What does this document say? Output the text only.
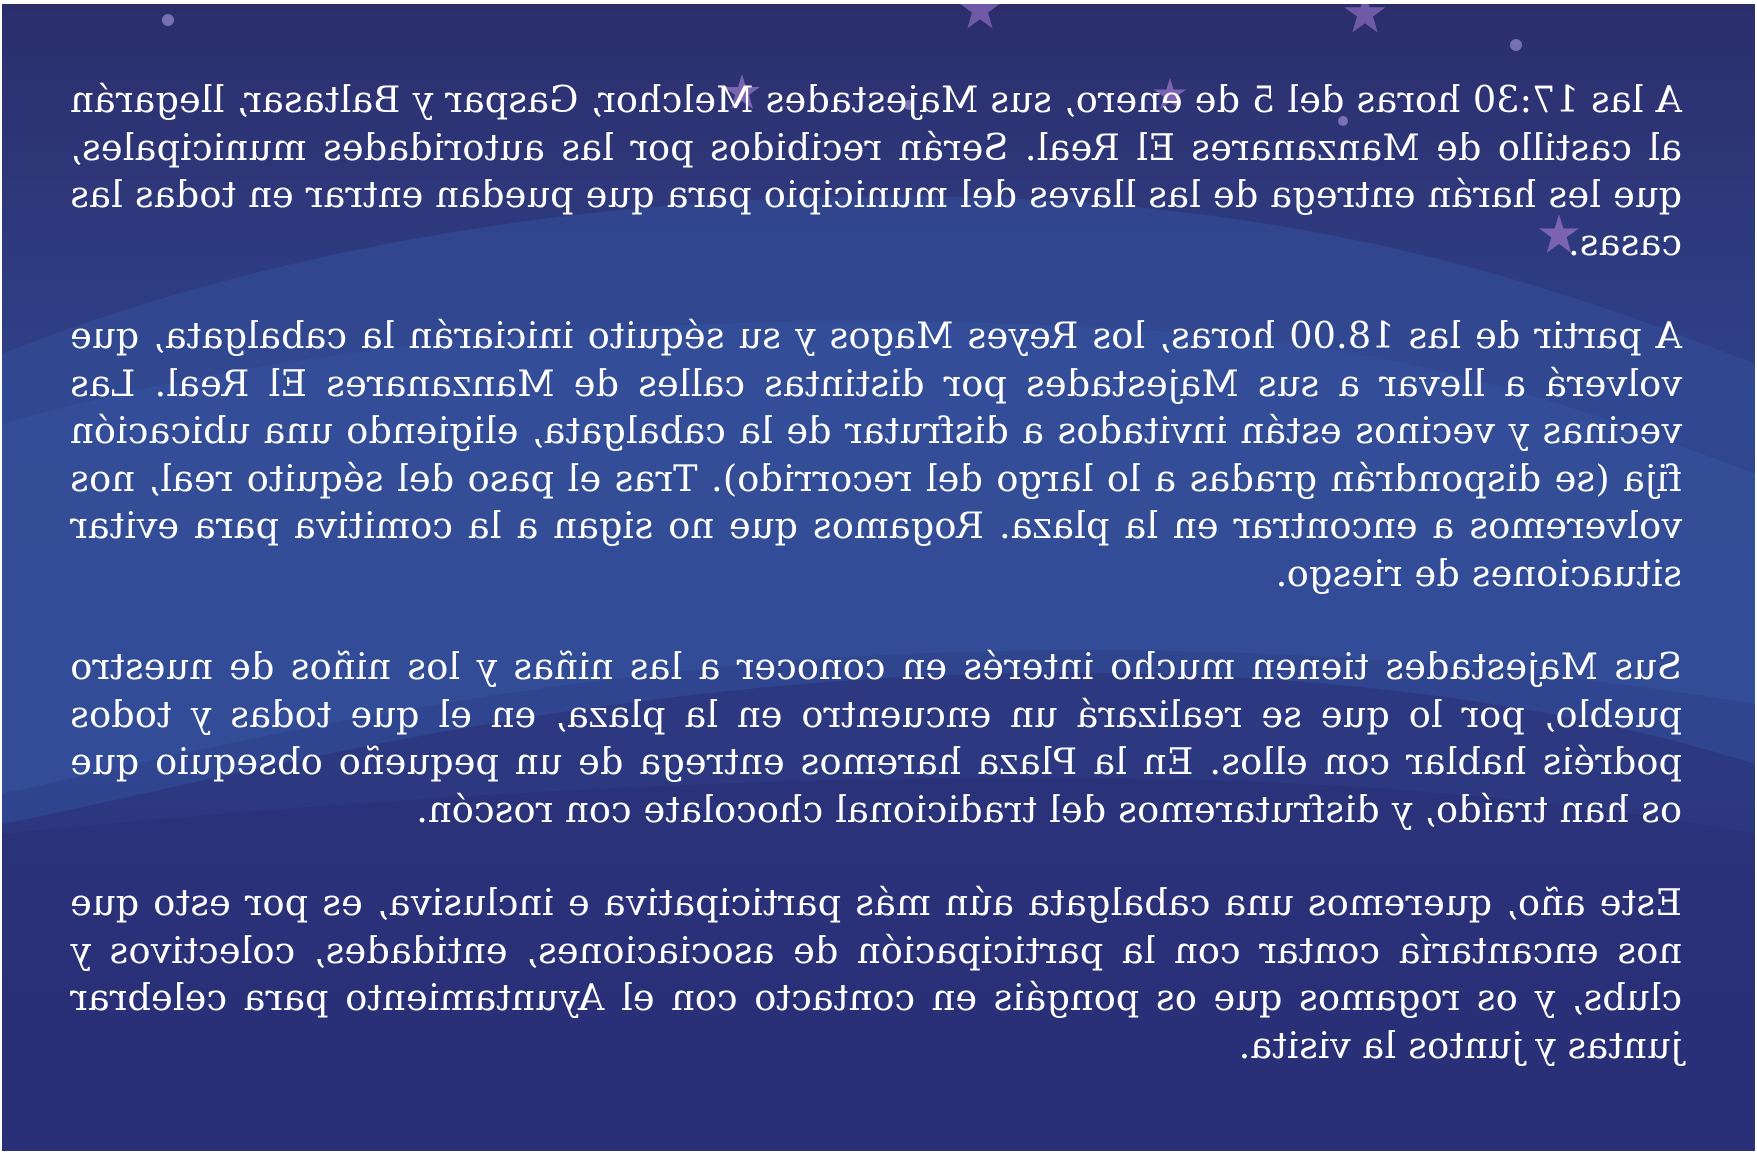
A las 17:30 horas del 5 de enero, sus Majestades Melchor, Gaspar y Baltasar, llegarán al castillo de Manzanares El Real. Serán recibidos por las autoridades municipales, que les harán entrega de las llaves del municipio para que puedan entrar en todas las casas.

A partir de las 18.00 horas, los Reyes Magos y su séquito iniciarán la cabalgata, que volverá a llevar a sus Majestades por distintas calles de Manzanares El Real. Las vecinas y vecinos están invitados a disfrutar de la cabalgata, eligiendo una ubicación fija (se dispondrán gradas a lo largo del recorrido). Tras el paso del séquito real, nos volveremos a encontrar en la plaza. Rogamos que no sigan a la comitiva para evitar situaciones de riesgo.

Sus Majestades tienen mucho interés en conocer a las niñas y los niños de nuestro pueblo, por lo que se realizará un encuentro en la plaza, en el que todas y todos podréis hablar con ellos. En la Plaza haremos entrega de un pequeño obsequio que os han traído, y disfrutaremos del tradicional chocolate con roscón.

Este año, queremos una cabalgata aún más participativa e inclusiva, es por esto que nos encantaría contar con la participación de asociaciones, entidades, colectivos y clubs, y os rogamos que os pongáis en contacto con el Ayuntamiento para celebrar juntas y juntos la visita.
